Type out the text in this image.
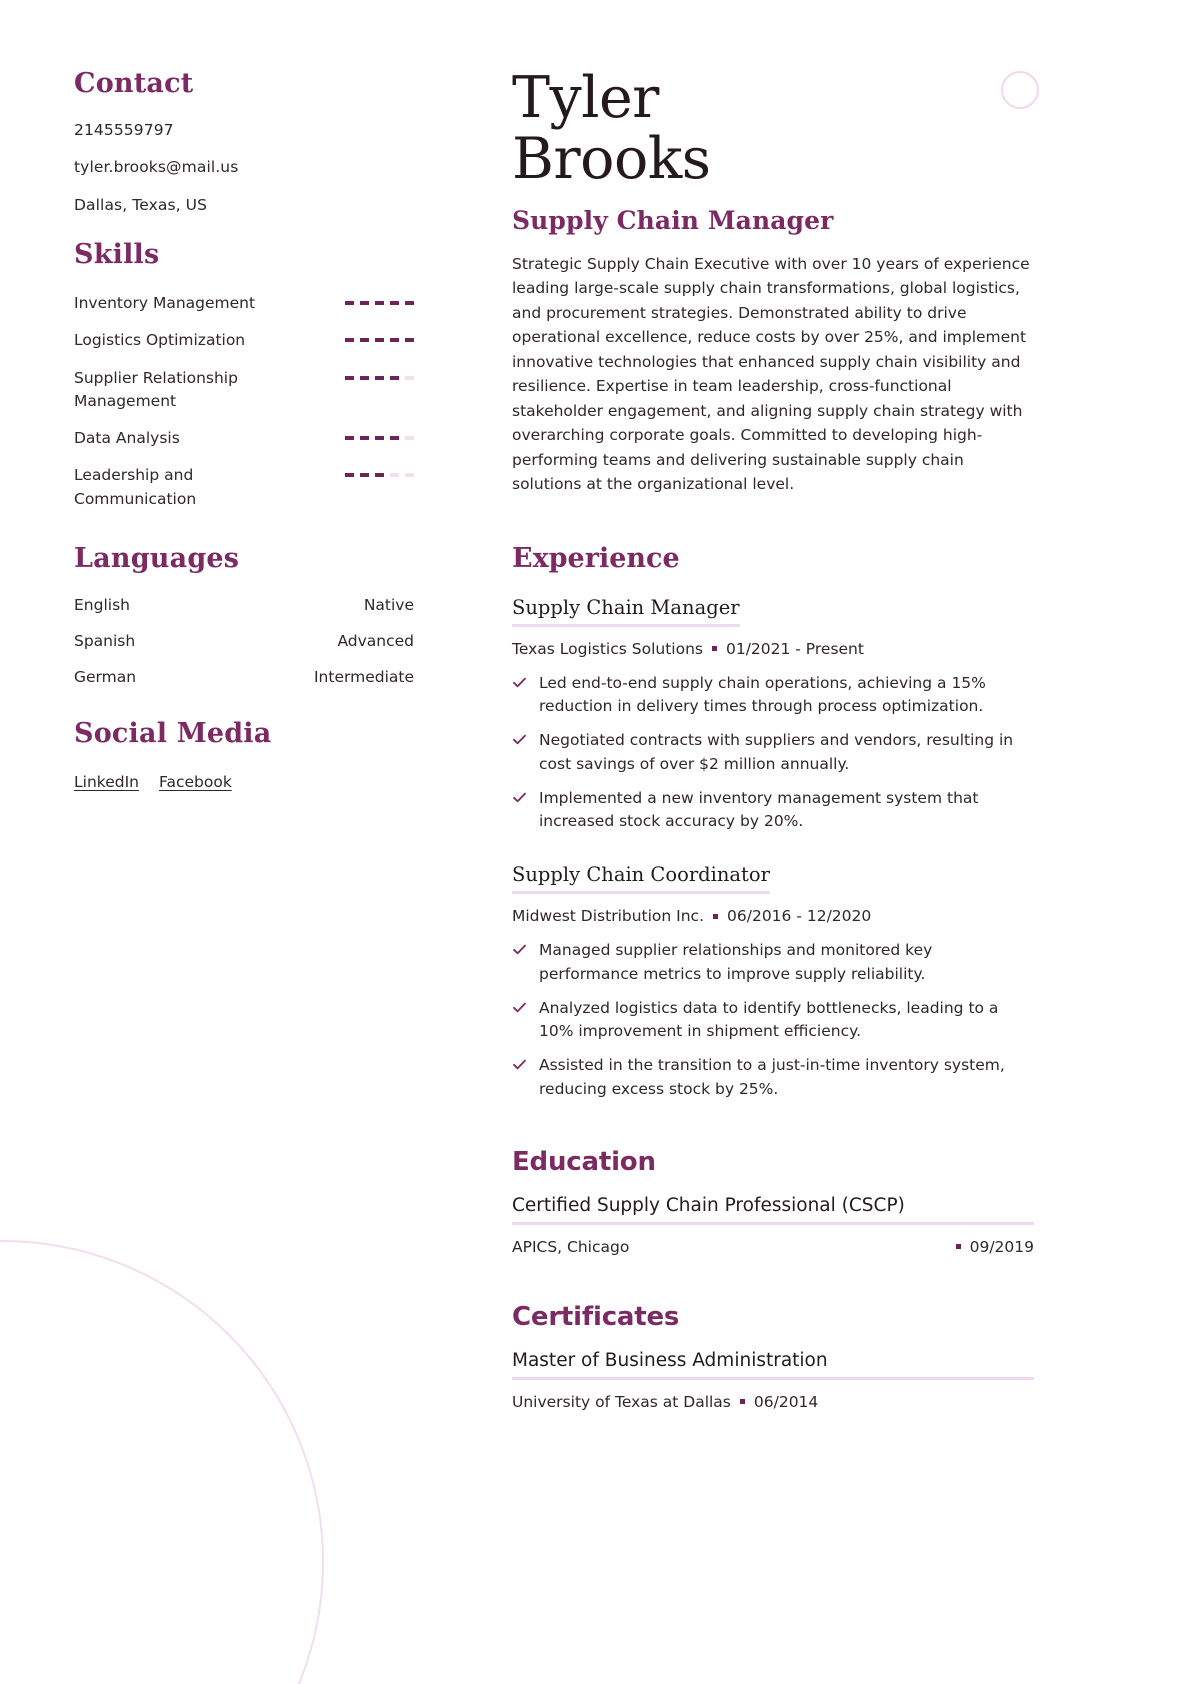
Contact
2145559797
tyler.brooks@mail.us
Dallas, Texas, US
Skills
Inventory Management
Logistics Optimization
Supplier Relationship Management
Data Analysis
Leadership and Communication
Languages
English	Native
Spanish	Advanced
German	Intermediate
Social Media
LinkedIn Facebook
Tyler
Brooks
Supply Chain Manager

Strategic Supply Chain Executive with over 10 years of experience leading large-scale supply chain transformations, global logistics, and procurement strategies. Demonstrated ability to drive operational excellence, reduce costs by over 25%, and implement innovative technologies that enhanced supply chain visibility and resilience. Expertise in team leadership, cross-functional stakeholder engagement, and aligning supply chain strategy with overarching corporate goals. Committed to developing high-performing teams and delivering sustainable supply chain solutions at the organizational level.

Experience
Supply Chain Manager
Texas Logistics Solutions 01/2021 - Present
Led end-to-end supply chain operations, achieving a 15% reduction in delivery times through process optimization.
Negotiated contracts with suppliers and vendors, resulting in cost savings of over $2 million annually.
Implemented a new inventory management system that increased stock accuracy by 20%.
Supply Chain Coordinator
Midwest Distribution Inc. 06/2016 - 12/2020
Managed supplier relationships and monitored key performance metrics to improve supply reliability.
Analyzed logistics data to identify bottlenecks, leading to a 10% improvement in shipment efficiency.
Assisted in the transition to a just-in-time inventory system, reducing excess stock by 25%.
Education
Certified Supply Chain Professional (CSCP)
APICS, Chicago	09/2019
Certificates
Master of Business Administration
University of Texas at Dallas 06/2014
